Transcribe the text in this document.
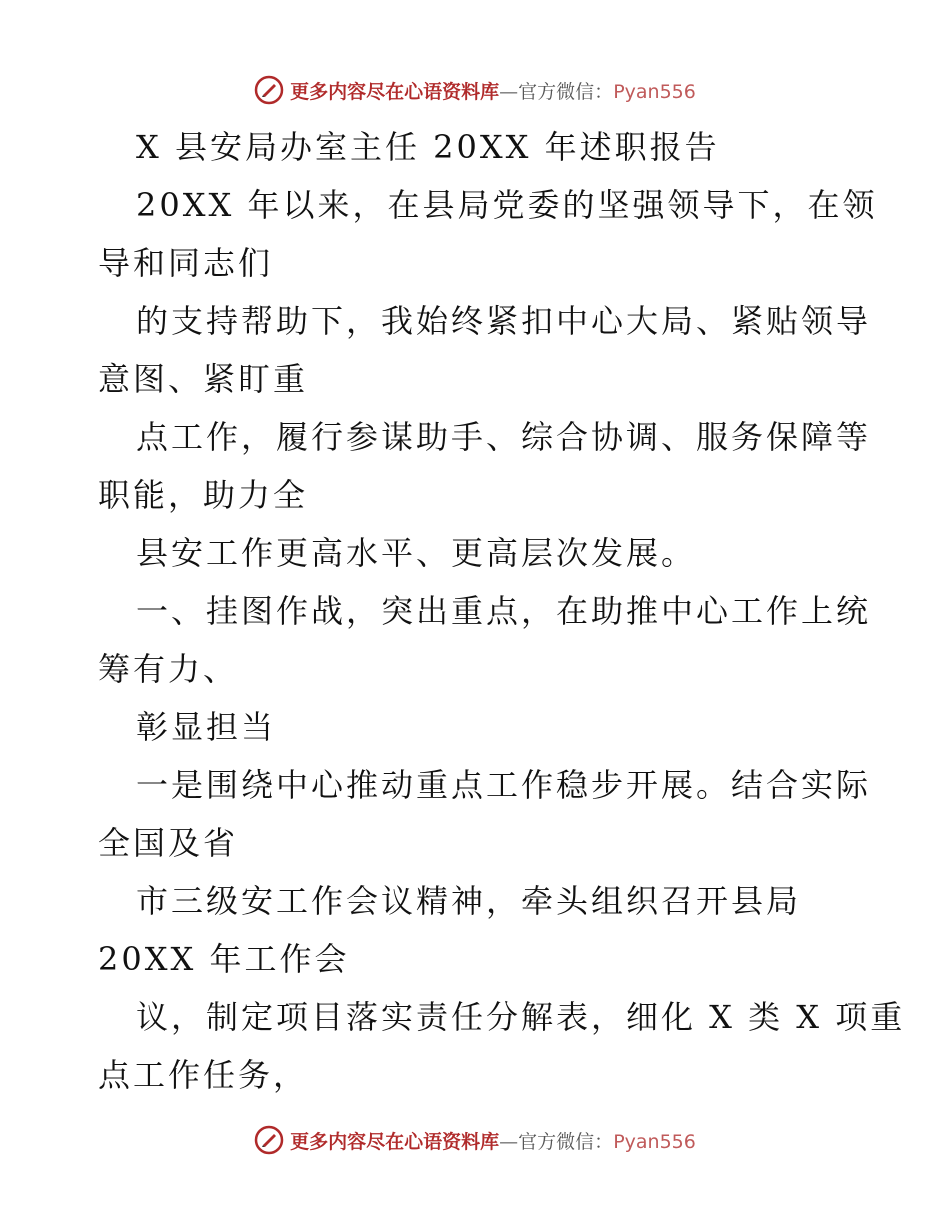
更多内容尽在心语资料库—官方微信：Pyan556
X 县安局办室主任 20XX 年述职报告
20XX 年以来，在县局党委的坚强领导下，在领
导和同志们
的支持帮助下，我始终紧扣中心大局、紧贴领导
意图、紧盯重
点工作，履行参谋助手、综合协调、服务保障等
职能，助力全
县安工作更高水平、更高层次发展。
一、挂图作战，突出重点，在助推中心工作上统
筹有力、
彰显担当
一是围绕中心推动重点工作稳步开展。结合实际
全国及省
市三级安工作会议精神，牵头组织召开县局
20XX 年工作会
议，制定项目落实责任分解表，细化 X 类 X 项重
点工作任务，
更多内容尽在心语资料库—官方微信：Pyan556
